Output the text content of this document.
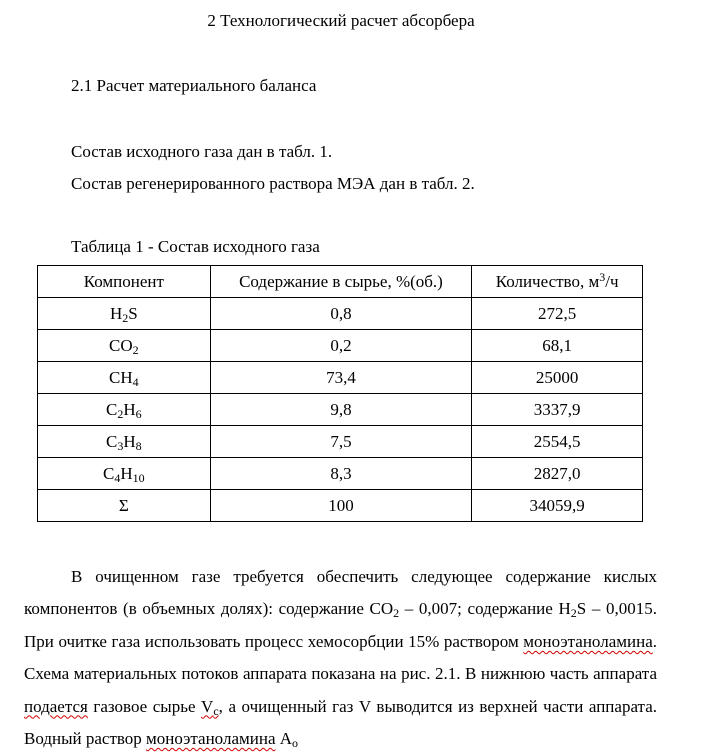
2 Технологический расчет абсорбера
2.1 Расчет материального баланса
Состав исходного газа дан в табл. 1.
Состав регенерированного раствора МЭА дан в табл. 2.
Таблица 1 - Состав исходного газа
Компонент	Содержание в сырье, %(об.)	Количество, $м^3/ч$
$H_2S$	0,8	272,5
$CO_2$	0,2	68,1
$CH_4$	73,4	25000
$C_2H_6$	9,8	3337,9
$C_3H_8$	7,5	2554,5
$C_4H_{10}$	8,3	2827,0
Σ	100	34059,9

В очищенном газе требуется обеспечить следующее содержание кислых компонентов (в объемных долях): содержание $CO_2 - 0,007$; содержание $H_2S - 0,0015$. При очитке газа использовать процесс хемосорбции 15% раствором моноэтаноламина. Схема материальных потоков аппарата показана на рис. 2.1. В нижнюю часть аппарата подается газовое сырье $V_с$, а очищенный газ V выводится из верхней части аппарата. Водный раствор моноэтаноламина $A_o$
